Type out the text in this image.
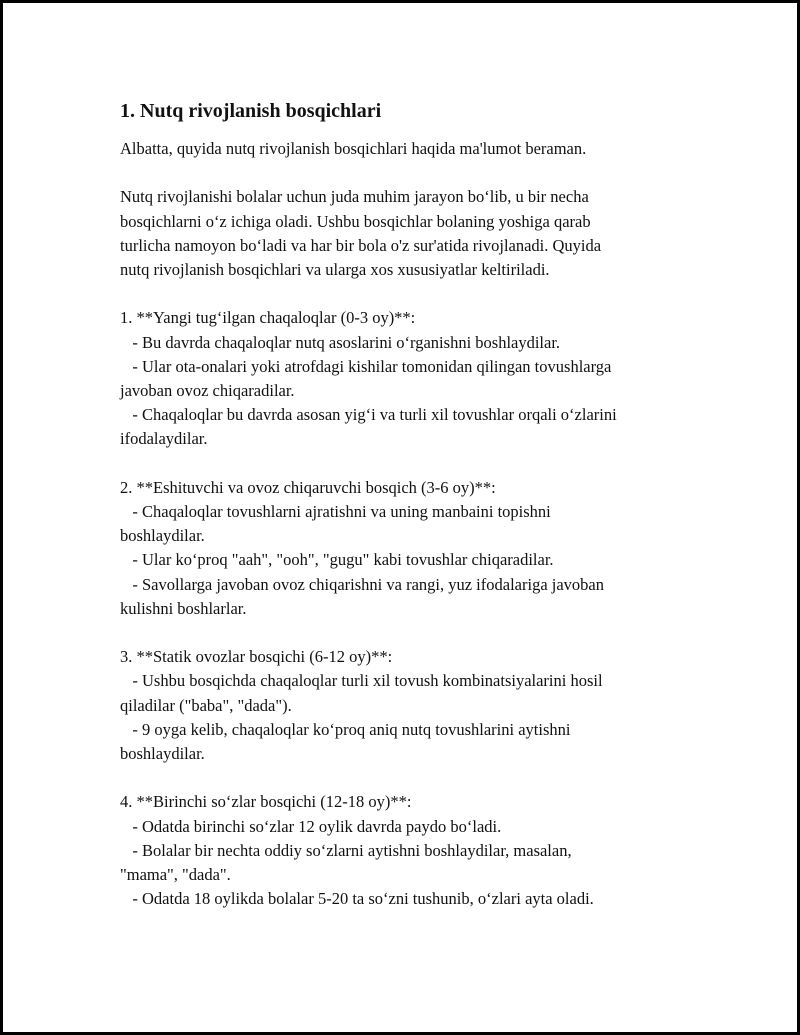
1. Nutq rivojlanish bosqichlari

Albatta, quyida nutq rivojlanish bosqichlari haqida ma'lumot beraman.

Nutq rivojlanishi bolalar uchun juda muhim jarayon bo‘lib, u bir necha
bosqichlarni o‘z ichiga oladi. Ushbu bosqichlar bolaning yoshiga qarab
turlicha namoyon bo‘ladi va har bir bola o'z sur'atida rivojlanadi. Quyida
nutq rivojlanish bosqichlari va ularga xos xususiyatlar keltiriladi.

1. **Yangi tug‘ilgan chaqaloqlar (0-3 oy)**:
- Bu davrda chaqaloqlar nutq asoslarini o‘rganishni boshlaydilar.
- Ular ota-onalari yoki atrofdagi kishilar tomonidan qilingan tovushlarga
javoban ovoz chiqaradilar.
- Chaqaloqlar bu davrda asosan yig‘i va turli xil tovushlar orqali o‘zlarini
ifodalaydilar.

2. **Eshituvchi va ovoz chiqaruvchi bosqich (3-6 oy)**:
- Chaqaloqlar tovushlarni ajratishni va uning manbaini topishni
boshlaydilar.
- Ular ko‘proq "aah", "ooh", "gugu" kabi tovushlar chiqaradilar.
- Savollarga javoban ovoz chiqarishni va rangi, yuz ifodalariga javoban
kulishni boshlarlar.

3. **Statik ovozlar bosqichi (6-12 oy)**:
- Ushbu bosqichda chaqaloqlar turli xil tovush kombinatsiyalarini hosil
qiladilar ("baba", "dada").
- 9 oyga kelib, chaqaloqlar ko‘proq aniq nutq tovushlarini aytishni
boshlaydilar.

4. **Birinchi so‘zlar bosqichi (12-18 oy)**:
- Odatda birinchi so‘zlar 12 oylik davrda paydo bo‘ladi.
- Bolalar bir nechta oddiy so‘zlarni aytishni boshlaydilar, masalan,
"mama", "dada".
- Odatda 18 oylikda bolalar 5-20 ta so‘zni tushunib, o‘zlari ayta oladi.
